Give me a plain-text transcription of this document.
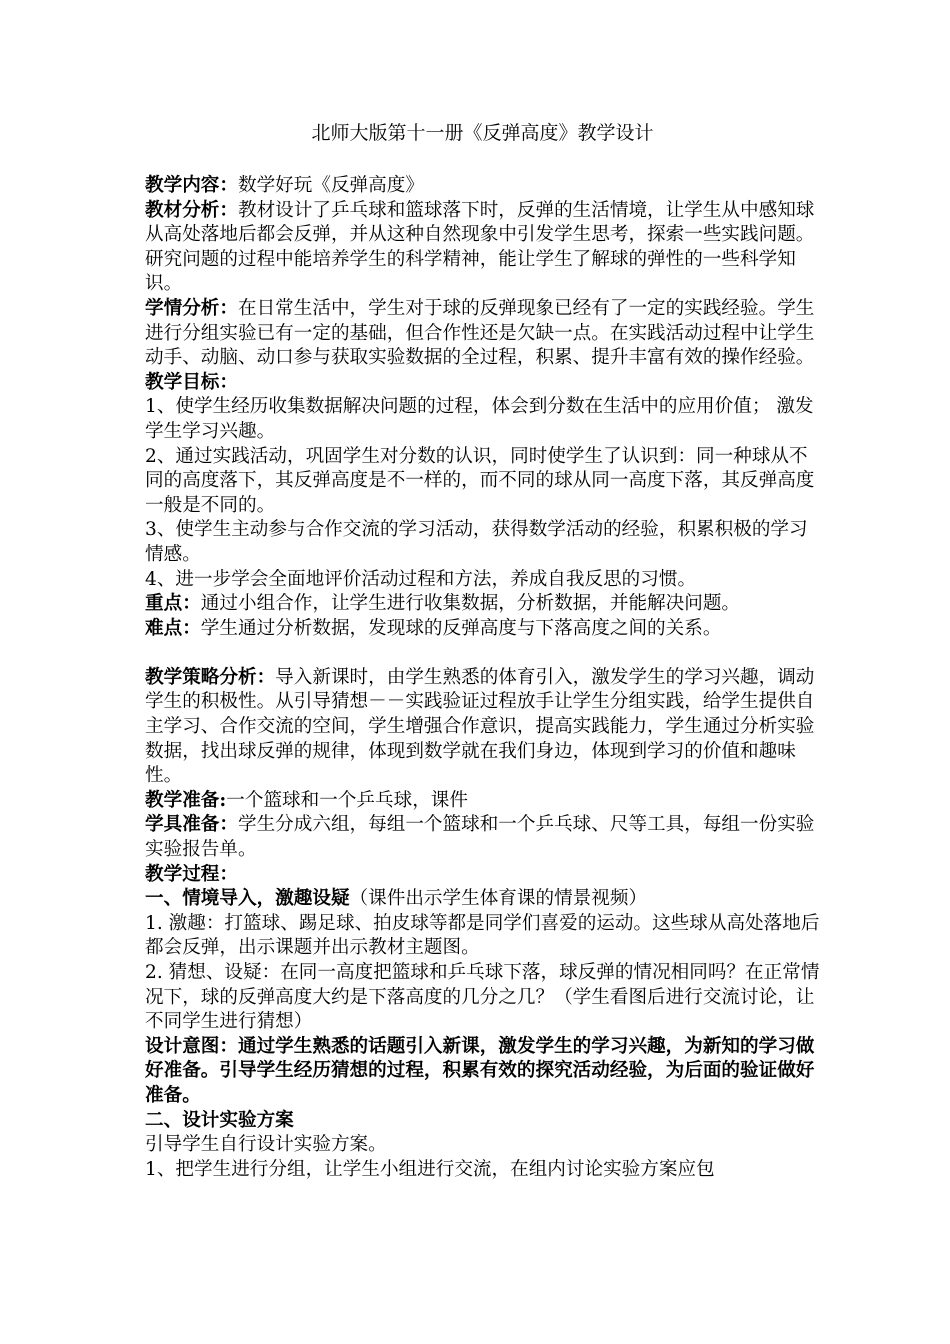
北师大版第十一册《反弹高度》教学设计

教学内容：数学好玩《反弹高度》

教材分析：教材设计了乒乓球和篮球落下时，反弹的生活情境，让学生从中感知球从高处落地后都会反弹，并从这种自然现象中引发学生思考，探索一些实践问题。研究问题的过程中能培养学生的科学精神，能让学生了解球的弹性的一些科学知识。

学情分析：在日常生活中，学生对于球的反弹现象已经有了一定的实践经验。学生进行分组实验已有一定的基础，但合作性还是欠缺一点。在实践活动过程中让学生动手、动脑、动口参与获取实验数据的全过程，积累、提升丰富有效的操作经验。

教学目标：

1、使学生经历收集数据解决问题的过程，体会到分数在生活中的应用价值； 激发学生学习兴趣。

2、通过实践活动，巩固学生对分数的认识，同时使学生了认识到：同一种球从不同的高度落下，其反弹高度是不一样的，而不同的球从同一高度下落，其反弹高度一般是不同的。

3、使学生主动参与合作交流的学习活动，获得数学活动的经验，积累积极的学习情感。

4、进一步学会全面地评价活动过程和方法，养成自我反思的习惯。

重点：通过小组合作，让学生进行收集数据，分析数据，并能解决问题。

难点：学生通过分析数据，发现球的反弹高度与下落高度之间的关系。

教学策略分析：导入新课时，由学生熟悉的体育引入，激发学生的学习兴趣，调动学生的积极性。从引导猜想－－实践验证过程放手让学生分组实践，给学生提供自主学习、合作交流的空间，学生增强合作意识，提高实践能力，学生通过分析实验数据，找出球反弹的规律，体现到数学就在我们身边，体现到学习的价值和趣味性。

教学准备:一个篮球和一个乒乓球，课件

学具准备：学生分成六组，每组一个篮球和一个乒乓球、尺等工具，每组一份实验实验报告单。

教学过程：

一、情境导入，激趣设疑（课件出示学生体育课的情景视频）

1. 激趣：打篮球、踢足球、拍皮球等都是同学们喜爱的运动。这些球从高处落地后都会反弹，出示课题并出示教材主题图。

2. 猜想、设疑：在同一高度把篮球和乒乓球下落，球反弹的情况相同吗？在正常情况下，球的反弹高度大约是下落高度的几分之几？（学生看图后进行交流讨论，让不同学生进行猜想）

设计意图：通过学生熟悉的话题引入新课，激发学生的学习兴趣，为新知的学习做好准备。引导学生经历猜想的过程，积累有效的探究活动经验，为后面的验证做好准备。

二、设计实验方案

引导学生自行设计实验方案。

1、把学生进行分组，让学生小组进行交流，在组内讨论实验方案应包
